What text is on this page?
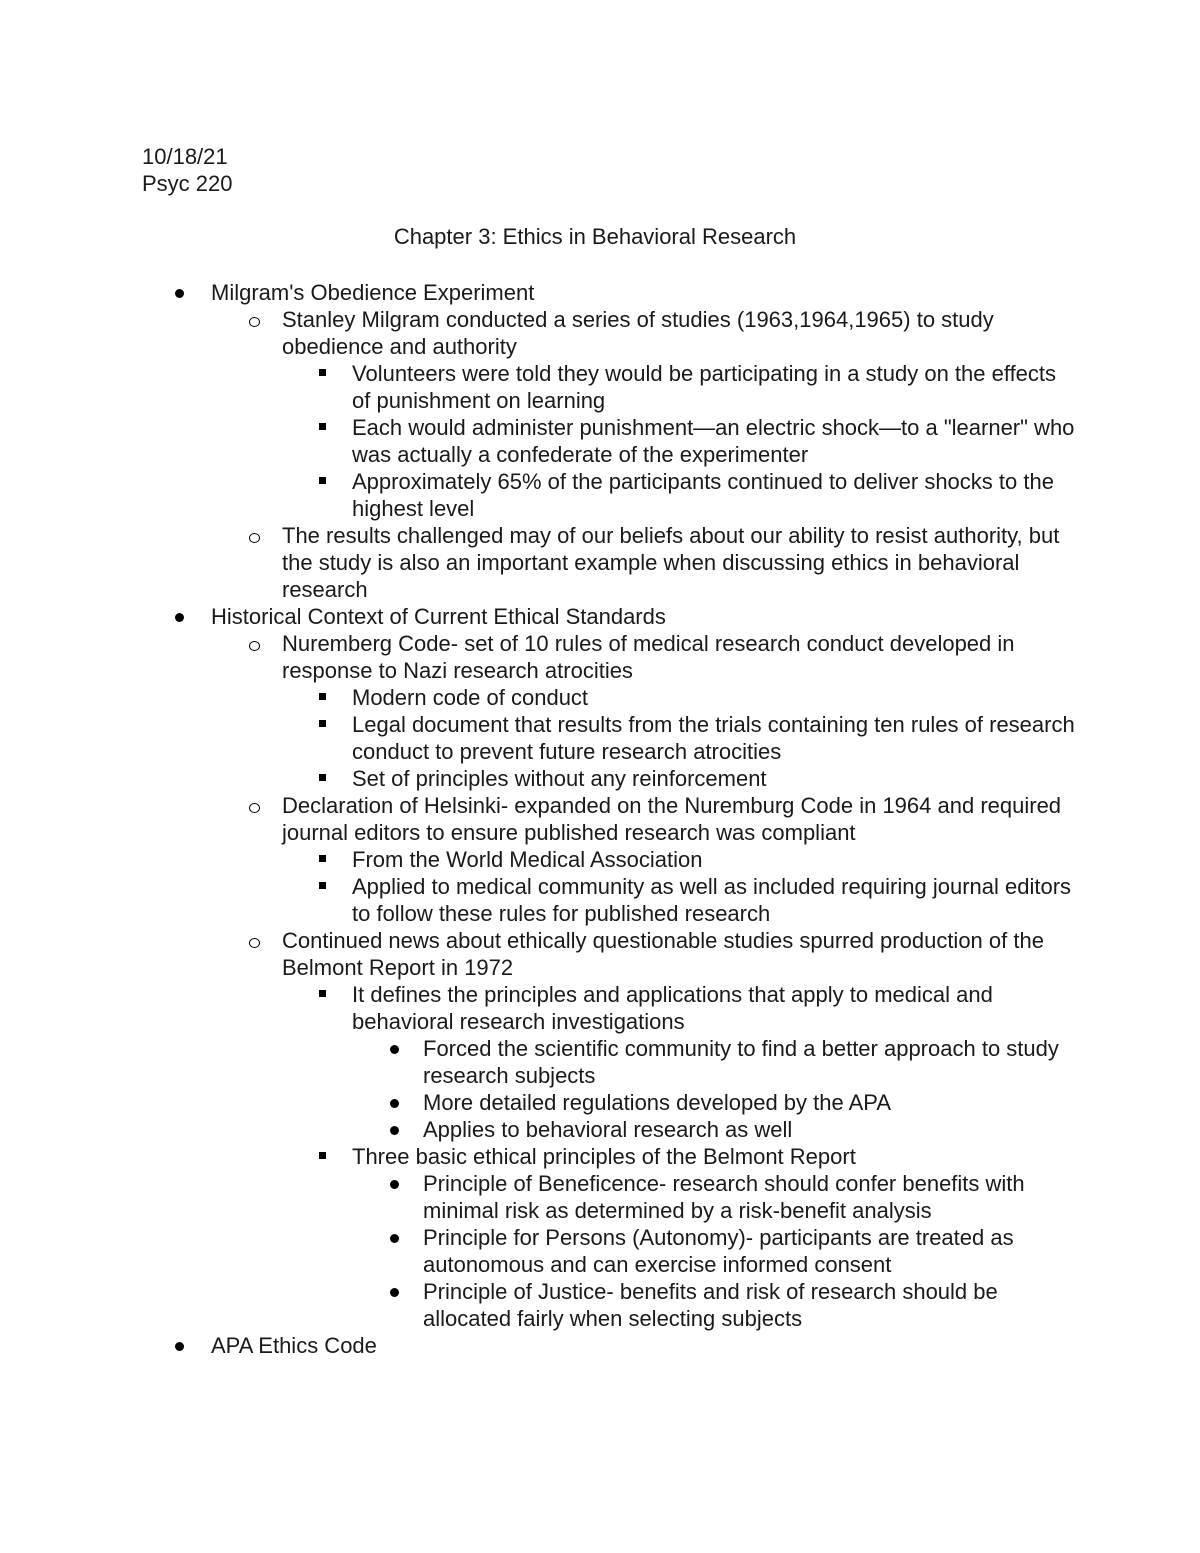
10/18/21
Psyc 220
Chapter 3: Ethics in Behavioral Research
Milgram's Obedience Experiment
Stanley Milgram conducted a series of studies (1963,1964,1965) to study obedience and authority
Volunteers were told they would be participating in a study on the effects of punishment on learning
Each would administer punishment—an electric shock—to a "learner" who was actually a confederate of the experimenter
Approximately 65% of the participants continued to deliver shocks to the highest level
The results challenged may of our beliefs about our ability to resist authority, but the study is also an important example when discussing ethics in behavioral research
Historical Context of Current Ethical Standards
Nuremberg Code- set of 10 rules of medical research conduct developed in response to Nazi research atrocities
Modern code of conduct
Legal document that results from the trials containing ten rules of research conduct to prevent future research atrocities
Set of principles without any reinforcement
Declaration of Helsinki- expanded on the Nuremburg Code in 1964 and required journal editors to ensure published research was compliant
From the World Medical Association
Applied to medical community as well as included requiring journal editors to follow these rules for published research
Continued news about ethically questionable studies spurred production of the Belmont Report in 1972
It defines the principles and applications that apply to medical and behavioral research investigations
Forced the scientific community to find a better approach to study research subjects
More detailed regulations developed by the APA
Applies to behavioral research as well
Three basic ethical principles of the Belmont Report
Principle of Beneficence- research should confer benefits with minimal risk as determined by a risk-benefit analysis
Principle for Persons (Autonomy)- participants are treated as autonomous and can exercise informed consent
Principle of Justice- benefits and risk of research should be allocated fairly when selecting subjects
APA Ethics Code
